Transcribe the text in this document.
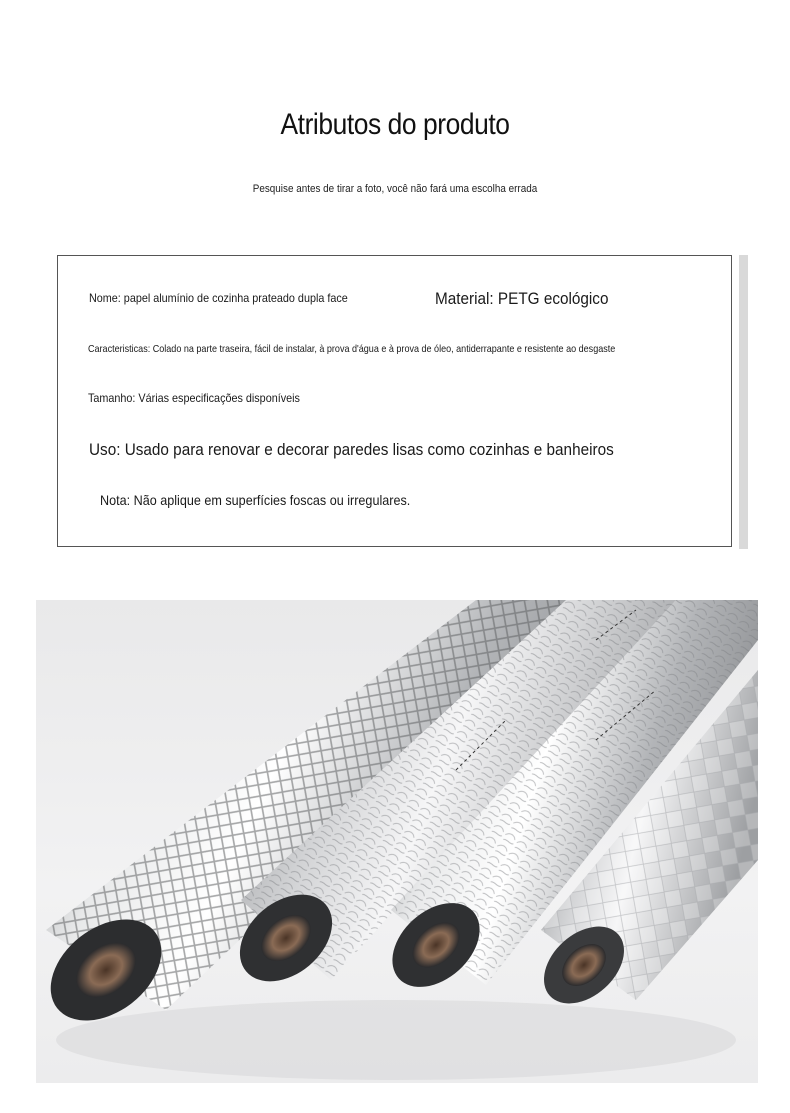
Atributos do produto
Pesquise antes de tirar a foto, você não fará uma escolha errada
Nome: papel alumínio de cozinha prateado dupla face	Material: PETG ecológico
Caracteristicas: Colado na parte traseira, fácil de instalar, à prova d'água e à prova de óleo, antiderrapante e resistente ao desgaste
Tamanho: Várias especificações disponíveis
Uso: Usado para renovar e decorar paredes lisas como cozinhas e banheiros
Nota: Não aplique em superfícies foscas ou irregulares.
